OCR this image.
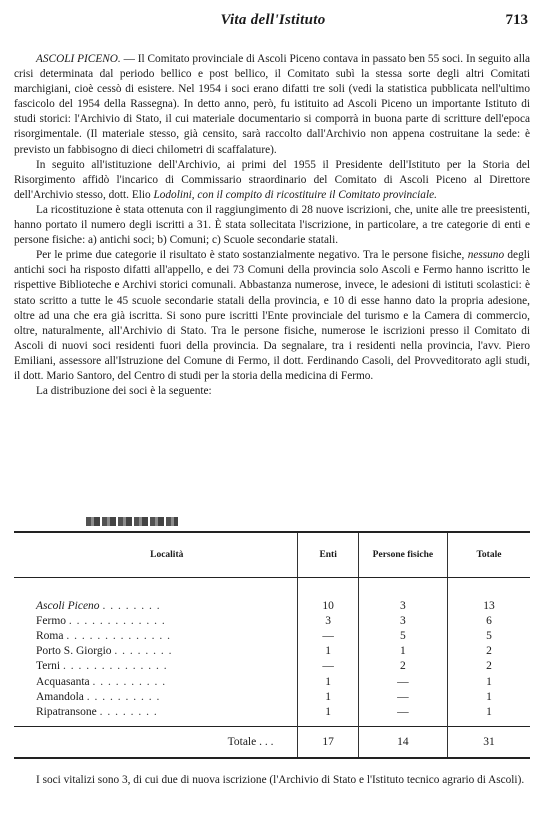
Vita dell'Istituto	713

ASCOLI PICENO. — Il Comitato provinciale di Ascoli Piceno contava in passato ben 55 soci. In seguito alla crisi determinata dal periodo bellico e post bellico, il Comitato subì la stessa sorte degli altri Comitati marchigiani, cioè cessò di esistere. Nel 1954 i soci erano difatti tre soli (vedi la statistica pubblicata nell'ultimo fascicolo del 1954 della Rassegna). In detto anno, però, fu istituito ad Ascoli Piceno un importante Istituto di studi storici: l'Archivio di Stato, il cui materiale documentario si comporrà in buona parte di scritture dell'epoca risorgimentale. (Il materiale stesso, già censito, sarà raccolto dall'Archivio non appena costruitane la sede: è previsto un fabbisogno di dieci chilometri di scaffalature).

In seguito all'istituzione dell'Archivio, ai primi del 1955 il Presidente dell'Istituto per la Storia del Risorgimento affidò l'incarico di Commissario straordinario del Comitato di Ascoli Piceno al Direttore dell'Archivio stesso, dott. Elio Lodolini, con il compito di ricostituire il Comitato provinciale.

La ricostituzione è stata ottenuta con il raggiungimento di 28 nuove iscrizioni, che, unite alle tre preesistenti, hanno portato il numero degli iscritti a 31. È stata sollecitata l'iscrizione, in particolare, a tre categorie di enti e persone fisiche: a) antichi soci; b) Comuni; c) Scuole secondarie statali.

Per le prime due categorie il risultato è stato sostanzialmente negativo. Tra le persone fisiche, nessuno degli antichi soci ha risposto difatti all'appello, e dei 73 Comuni della provincia solo Ascoli e Fermo hanno iscritto le rispettive Biblioteche e Archivi storici comunali. Abbastanza numerose, invece, le adesioni di istituti scolastici: è stato scritto a tutte le 45 scuole secondarie statali della provincia, e 10 di esse hanno dato la propria adesione, oltre ad una che era già iscritta. Si sono pure iscritti l'Ente provinciale del turismo e la Camera di commercio, oltre, naturalmente, all'Archivio di Stato. Tra le persone fisiche, numerose le iscrizioni presso il Comitato di Ascoli di nuovi soci residenti fuori della provincia. Da segnalare, tra i residenti nella provincia, l'avv. Piero Emiliani, assessore all'Istruzione del Comune di Fermo, il dott. Ferdinando Casoli, del Provveditorato agli studi, il dott. Mario Santoro, del Centro di studi per la storia della medicina di Fermo.

La distribuzione dei soci è la seguente:

Località	Enti	Persone fisiche	Totale

Ascoli Piceno . . . . . . . .	10	3	13
Fermo . . . . . . . . . . . . .	3	3	6
Roma . . . . . . . . . . . . . .	—	5	5
Porto S. Giorgio . . . . . . . .	1	1	2
Terni . . . . . . . . . . . . . .	—	2	2
Acquasanta . . . . . . . . . .	1	—	1
Amandola . . . . . . . . . .	1	—	1
Ripatransone . . . . . . . .	1	—	1
Totale . . .	17	14	31

I soci vitalizi sono 3, di cui due di nuova iscrizione (l'Archivio di Stato e l'Istituto tecnico agrario di Ascoli).
